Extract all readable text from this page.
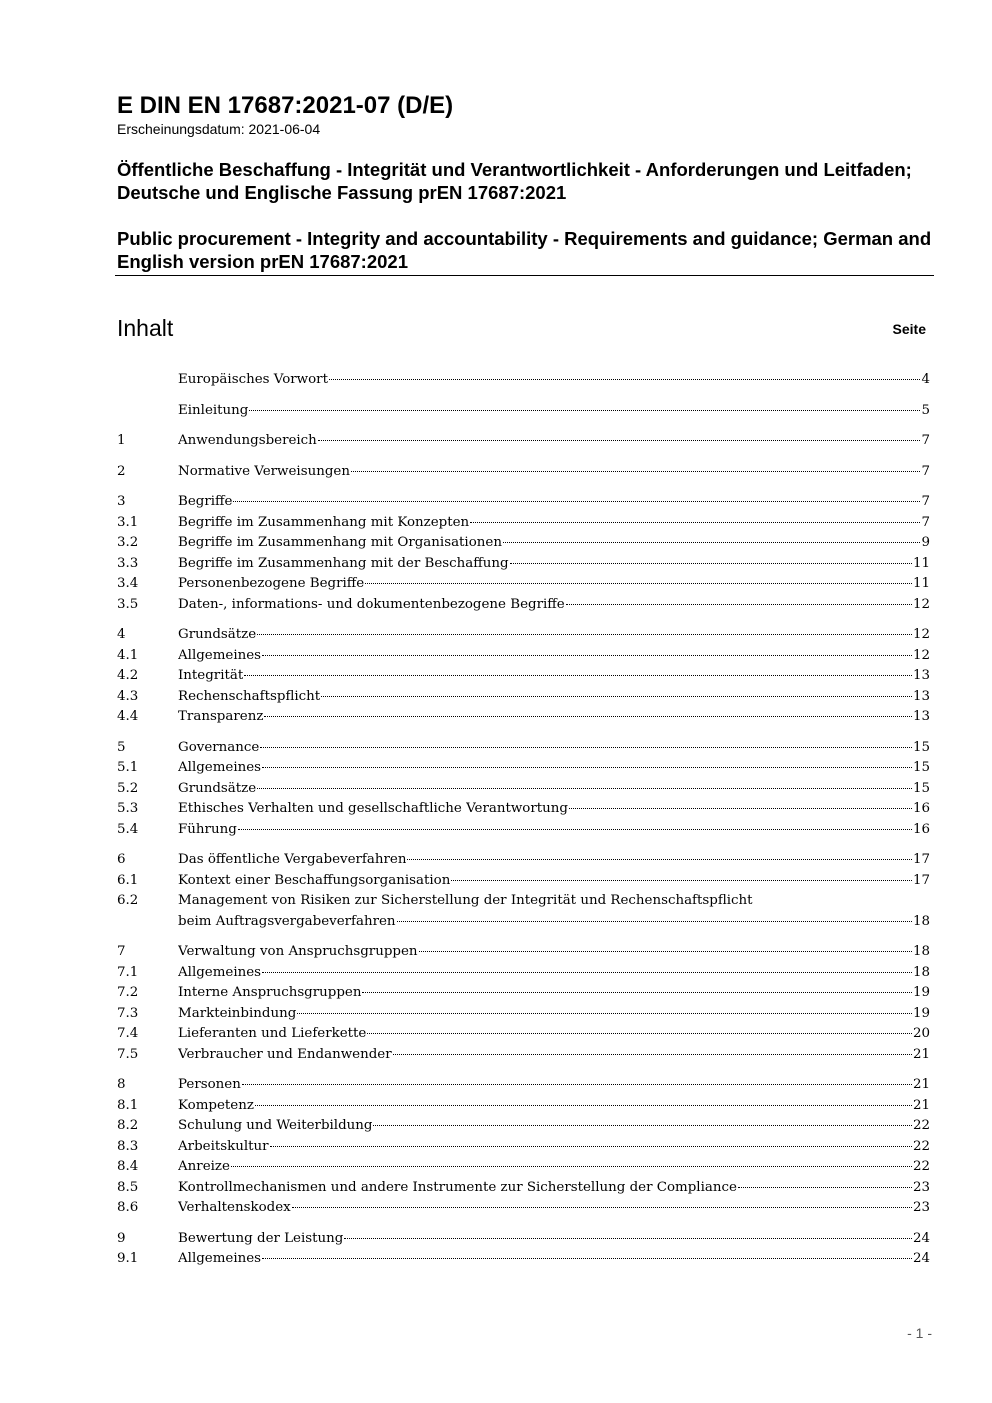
E DIN EN 17687:2021-07 (D/E)

Erscheinungsdatum: 2021-06-04

Öffentliche Beschaffung - Integrität und Verantwortlichkeit - Anforderungen und Leitfaden; Deutsche und Englische Fassung prEN 17687:2021

Public procurement - Integrity and accountability - Requirements and guidance; German and English version prEN 17687:2021

Inhalt	Seite
Europäisches Vorwort	4
Einleitung	5
1	Anwendungsbereich	7
2	Normative Verweisungen	7
3	Begriffe	7
3.1	Begriffe im Zusammenhang mit Konzepten	7
3.2	Begriffe im Zusammenhang mit Organisationen	9
3.3	Begriffe im Zusammenhang mit der Beschaffung	11
3.4	Personenbezogene Begriffe	11
3.5	Daten-, informations- und dokumentenbezogene Begriffe	12
4	Grundsätze	12
4.1	Allgemeines	12
4.2	Integrität	13
4.3	Rechenschaftspflicht	13
4.4	Transparenz	13
5	Governance	15
5.1	Allgemeines	15
5.2	Grundsätze	15
5.3	Ethisches Verhalten und gesellschaftliche Verantwortung	16
5.4	Führung	16
6	Das öffentliche Vergabeverfahren	17
6.1	Kontext einer Beschaffungsorganisation	17
6.2	Management von Risiken zur Sicherstellung der Integrität und Rechenschaftspflicht
beim Auftragsvergabeverfahren	18
7	Verwaltung von Anspruchsgruppen	18
7.1	Allgemeines	18
7.2	Interne Anspruchsgruppen	19
7.3	Markteinbindung	19
7.4	Lieferanten und Lieferkette	20
7.5	Verbraucher und Endanwender	21
8	Personen	21
8.1	Kompetenz	21
8.2	Schulung und Weiterbildung	22
8.3	Arbeitskultur	22
8.4	Anreize	22
8.5	Kontrollmechanismen und andere Instrumente zur Sicherstellung der Compliance	23
8.6	Verhaltenskodex	23
9	Bewertung der Leistung	24
9.1	Allgemeines	24
- 1 -
